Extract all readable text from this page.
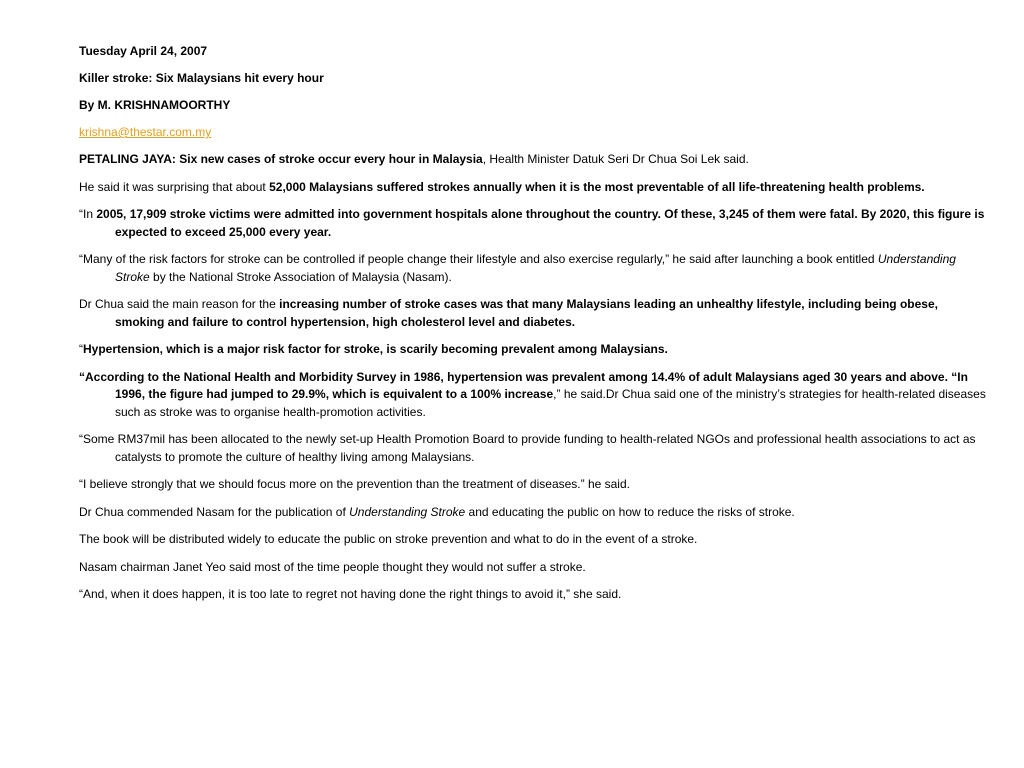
Tuesday April 24, 2007
Killer stroke: Six Malaysians hit every hour
By M. KRISHNAMOORTHY
krishna@thestar.com.my
PETALING JAYA: Six new cases of stroke occur every hour in Malaysia, Health Minister Datuk Seri Dr Chua Soi Lek said.
He said it was surprising that about 52,000 Malaysians suffered strokes annually when it is the most preventable of all life-threatening health problems.
“In 2005, 17,909 stroke victims were admitted into government hospitals alone throughout the country. Of these, 3,245 of them were fatal. By 2020, this figure is expected to exceed 25,000 every year.
“Many of the risk factors for stroke can be controlled if people change their lifestyle and also exercise regularly,” he said after launching a book entitled Understanding Stroke by the National Stroke Association of Malaysia (Nasam).
Dr Chua said the main reason for the increasing number of stroke cases was that many Malaysians leading an unhealthy lifestyle, including being obese, smoking and failure to control hypertension, high cholesterol level and diabetes.
“Hypertension, which is a major risk factor for stroke, is scarily becoming prevalent among Malaysians.
“According to the National Health and Morbidity Survey in 1986, hypertension was prevalent among 14.4% of adult Malaysians aged 30 years and above. “In 1996, the figure had jumped to 29.9%, which is equivalent to a 100% increase,” he said.Dr Chua said one of the ministry’s strategies for health-related diseases such as stroke was to organise health-promotion activities.
“Some RM37mil has been allocated to the newly set-up Health Promotion Board to provide funding to health-related NGOs and professional health associations to act as catalysts to promote the culture of healthy living among Malaysians.
“I believe strongly that we should focus more on the prevention than the treatment of diseases.” he said.
Dr Chua commended Nasam for the publication of Understanding Stroke and educating the public on how to reduce the risks of stroke.
The book will be distributed widely to educate the public on stroke prevention and what to do in the event of a stroke.
Nasam chairman Janet Yeo said most of the time people thought they would not suffer a stroke.
“And, when it does happen, it is too late to regret not having done the right things to avoid it,” she said.
